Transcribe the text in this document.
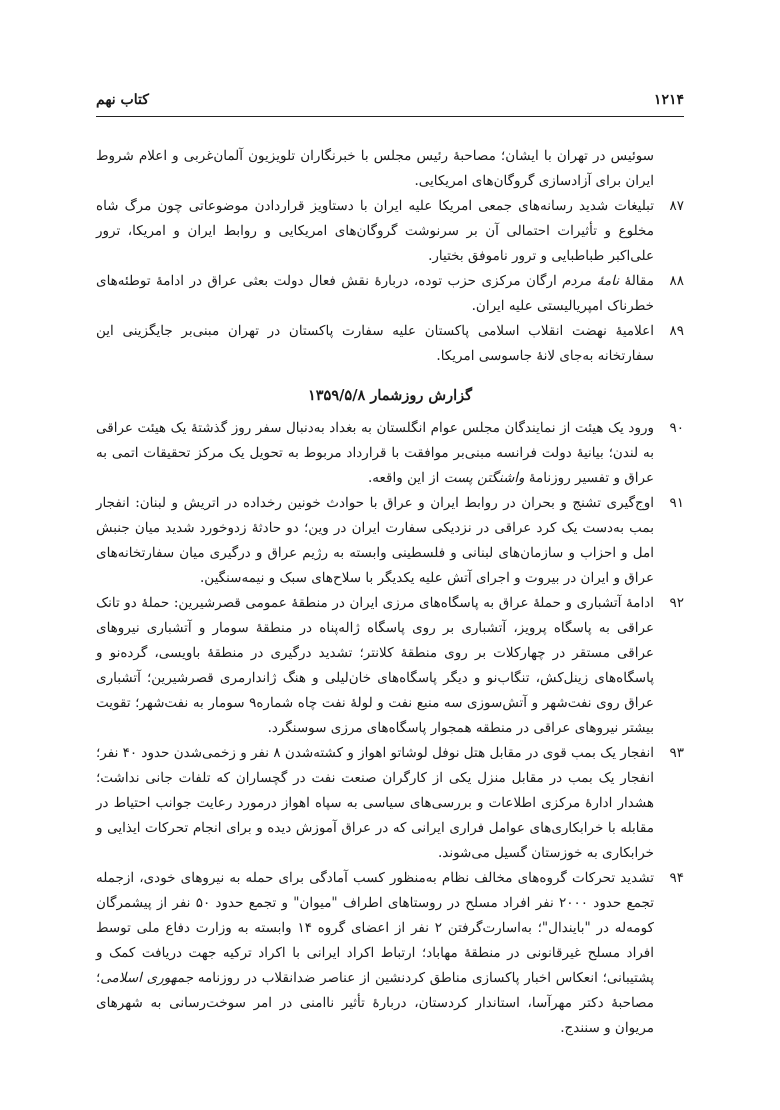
کتاب نهم	۱۲۱۴

سوئیس در تهران با ایشان؛ مصاحبهٔ رئیس مجلس با خبرنگاران تلویزیون آلمان‌غربی و اعلام شروط ایران برای آزادسازی گروگان‌های امریکایی.

۸۷
تبلیغات شدید رسانه‌های جمعی امریکا علیه ایران با دستاویز قراردادن موضوعاتی چون مرگ شاه مخلوع و تأثیرات احتمالی آن بر سرنوشت گروگان‌های امریکایی و روابط ایران و امریکا، ترور علی‌اکبر طباطبایی و ترور ناموفق بختیار.

۸۸
مقالهٔ نامهٔ مردم ارگان مرکزی حزب توده، دربارهٔ نقش فعال دولت بعثی عراق در ادامهٔ توطئه‌های خطرناک امپریالیستی علیه ایران.

۸۹
اعلامیهٔ نهضت انقلاب اسلامی پاکستان علیه سفارت پاکستان در تهران مبنی‌بر جایگزینی این سفارتخانه به‌جای لانهٔ جاسوسی امریکا.

گزارش روزشمار ۱۳۵۹/۵/۸

۹۰
ورود یک هیئت از نمایندگان مجلس عوام انگلستان به بغداد به‌دنبال سفر روز گذشتهٔ یک هیئت عراقی به لندن؛ بیانیهٔ دولت فرانسه مبنی‌بر موافقت با قرارداد مربوط به تحویل یک مرکز تحقیقات اتمی به عراق و تفسیر روزنامهٔ واشنگتن پست از این واقعه.

۹۱
اوج‌گیری تشنج و بحران در روابط ایران و عراق با حوادث خونین رخداده در اتریش و لبنان: انفجار بمب به‌دست یک کرد عراقی در نزدیکی سفارت ایران در وین؛ دو حادثهٔ زدوخورد شدید میان جنبش امل و احزاب و سازمان‌های لبنانی و فلسطینی وابسته به رژیم عراق و درگیری میان سفارتخانه‌های عراق و ایران در بیروت و اجرای آتش علیه یکدیگر با سلاح‌های سبک و نیمه‌سنگین.

۹۲
ادامهٔ آتشباری و حملهٔ عراق به پاسگاه‌های مرزی ایران در منطقهٔ عمومی قصرشیرین: حملهٔ دو تانک عراقی به پاسگاه پرویز، آتشباری بر روی پاسگاه ژاله‌پناه در منطقهٔ سومار و آتشباری نیروهای عراقی مستقر در چهارکلات بر روی منطقهٔ کلانتر؛ تشدید درگیری در منطقهٔ باویسی، گردەنو و پاسگاه‌های زینل‌کش، تنگاب‌نو و دیگر پاسگاه‌های خان‌لیلی و هنگ ژاندارمری قصرشیرین؛ آتشباری عراق روی نفت‌شهر و آتش‌سوزی سه منبع نفت و لولهٔ نفت چاه شماره۹ سومار به نفت‌شهر؛ تقویت بیشتر نیروهای عراقی در منطقه همجوار پاسگاه‌های مرزی سوسنگرد.

۹۳
انفجار یک بمب قوی در مقابل هتل نوفل لوشاتو اهواز و کشته‌شدن ۸ نفر و زخمی‌شدن حدود ۴۰ نفر؛ انفجار یک بمب در مقابل منزل یکی از کارگران صنعت نفت در گچساران که تلفات جانی نداشت؛ هشدار ادارهٔ مرکزی اطلاعات و بررسی‌های سیاسی به سپاه اهواز درمورد رعایت جوانب احتیاط در مقابله با خرابکاری‌های عوامل فراری ایرانی که در عراق آموزش دیده و برای انجام تحرکات ایذایی و خرابکاری به خوزستان گسیل می‌شوند.

۹۴
تشدید تحرکات گروه‌های مخالف نظام به‌منظور کسب آمادگی برای حمله به نیروهای خودی، ازجمله تجمع حدود ۲۰۰۰ نفر افراد مسلح در روستاهای اطراف "میوان" و تجمع حدود ۵۰ نفر از پیشمرگان کومەله در "بایندال"؛ به‌اسارت‌گرفتن ۲ نفر از اعضای گروه ۱۴ وابسته به وزارت دفاع ملی توسط افراد مسلح غیرقانونی در منطقهٔ مهاباد؛ ارتباط اکراد ایرانی با اکراد ترکیه جهت دریافت کمک و پشتیبانی؛ انعکاس اخبار پاکسازی مناطق کردنشین از عناصر ضدانقلاب در روزنامه جمهوری اسلامی؛ مصاحبهٔ دکتر مهرآسا، استاندار کردستان، دربارهٔ تأثیر ناامنی در امر سوخت‌رسانی به شهرهای مریوان و سنندج.
